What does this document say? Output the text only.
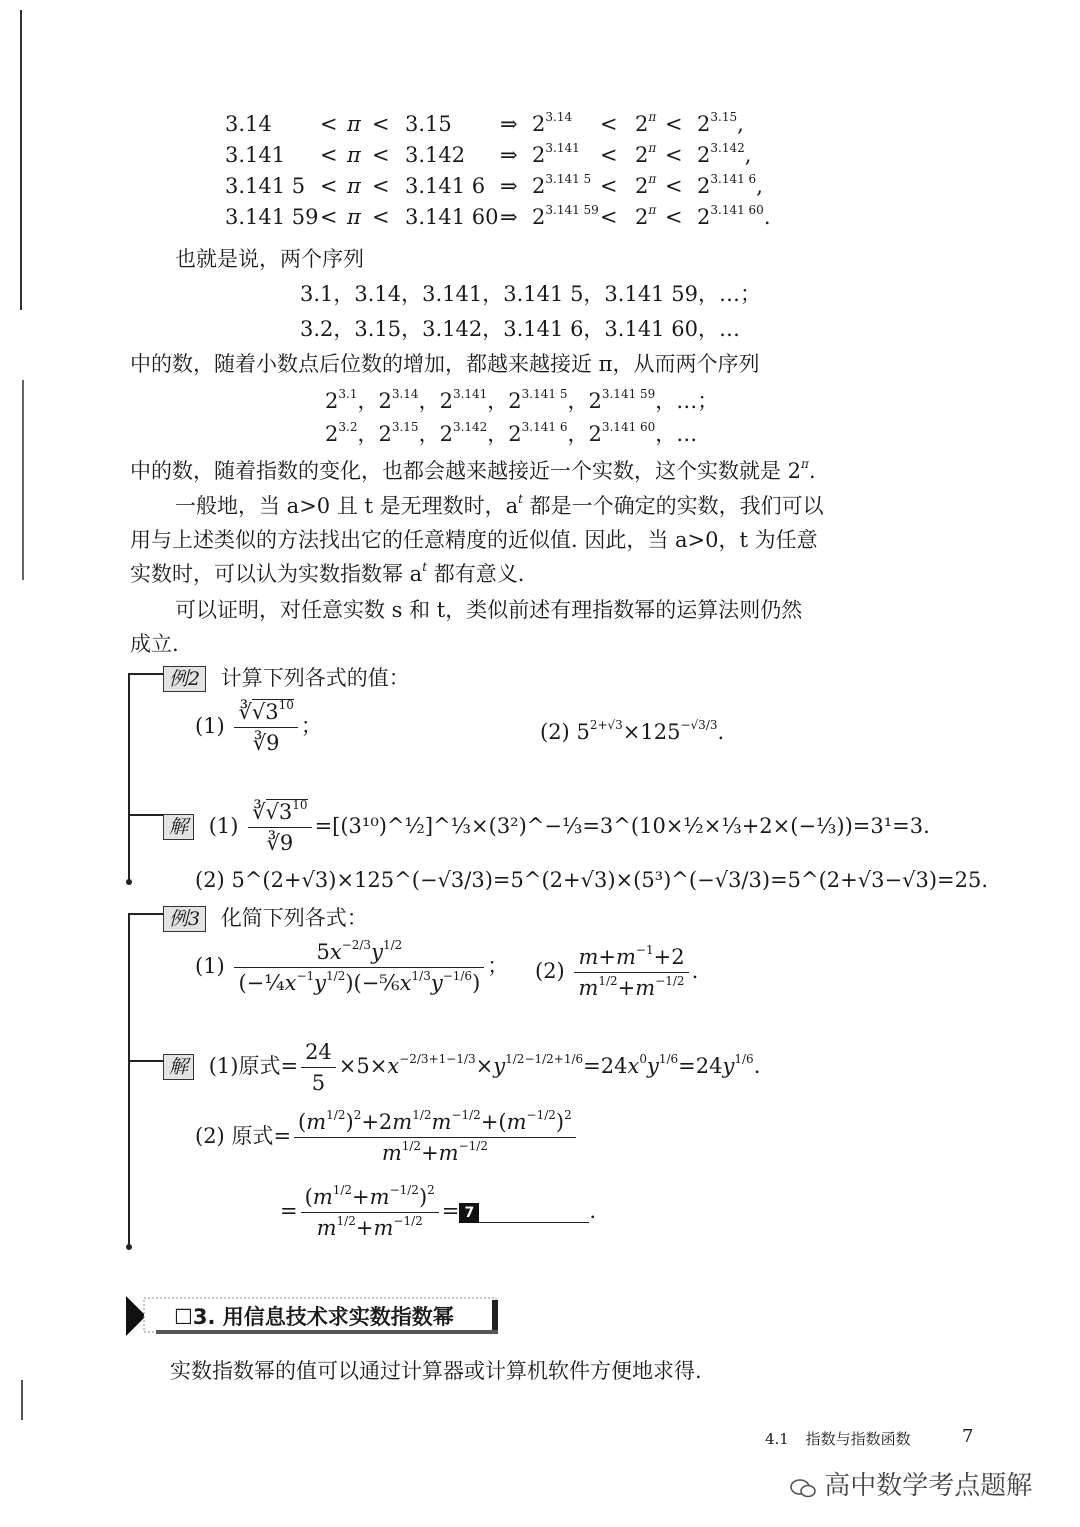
3.14 < π < 3.15 ⇒ $2^{3.14} < 2^\pi < 2^{3.15}$,
3.141 < π < 3.142 ⇒ $2^{3.141} < 2^\pi < 2^{3.142}$,
3.141 5 < π < 3.141 6 ⇒ $2^{3.141 5} < 2^\pi < 2^{3.141 6}$,
3.141 59 < π < 3.141 60 ⇒ $2^{3.141 59} < 2^\pi < 2^{3.141 60}$.
也就是说，两个序列
3.1，3.14，3.141，3.141 5，3.141 59，…；
3.2，3.15，3.142，3.141 6，3.141 60，…
中的数，随着小数点后位数的增加，都越来越接近 π，从而两个序列
$2^{3.1}$，$2^{3.14}$，$2^{3.141}$，$2^{3.141 5}$，$2^{3.141 59}$，…；
$2^{3.2}$，$2^{3.15}$，$2^{3.142}$，$2^{3.141 6}$，$2^{3.141 60}$，…
中的数，随着指数的变化，也都会越来越接近一个实数，这个实数就是 $2^\pi$.
一般地，当 a>0 且 t 是无理数时，$a^t$ 都是一个确定的实数，我们可以
用与上述类似的方法找出它的任意精度的近似值. 因此，当 a>0，t 为任意
实数时，可以认为实数指数幂 $a^t$ 都有意义.
可以证明，对任意实数 s 和 t，类似前述有理指数幂的运算法则仍然
成立.
例2 计算下列各式的值：
$(1) \frac{∛√3^{10}}{∛9}$ ；	(2) $5^{2+√3}\times 125^{-√3/3}$.
解 $(1) \frac{∛√3^{10}}{∛9}$ =[(3¹⁰)^½]^⅓×(3²)^−⅓=3^(10×½×⅓+2×(−⅓))=3¹=3.
(2) 5^(2+√3)×125^(−√3/3)=5^(2+√3)×(5³)^(−√3/3)=5^(2+√3−√3)=25.
例3 化简下列各式：
$(1) \frac{5x^{-2/3}y^{1/2}}{(-\frac{1}{4}x^{-1}y^{1/2})(-\frac{5}{6}x^{1/3}y^{-1/6})}$ ； $(2) \frac{m+m^{-1}+2}{m^{1/2}+m^{-1/2}}$ .
解 (1)原式= $\frac{24}{5} \times 5\times x^{-2/3+1-1/3}\times y^{1/2-1/2+1/6}=24x^0y^{1/6}=24y^{1/6}$.
(2) 原式= $\frac{(m^{1/2})^2+2m^{1/2}m^{-1/2}+(m^{-1/2})^2}{m^{1/2}+m^{-1/2}}$
= $\frac{(m^{1/2}+m^{-1/2})^2}{m^{1/2}+m^{-1/2}} = 7$	.
☐3. 用信息技术求实数指数幂
实数指数幂的值可以通过计算器或计算机软件方便地求得.
4.1 指数与指数函数	7
高中数学考点题解
